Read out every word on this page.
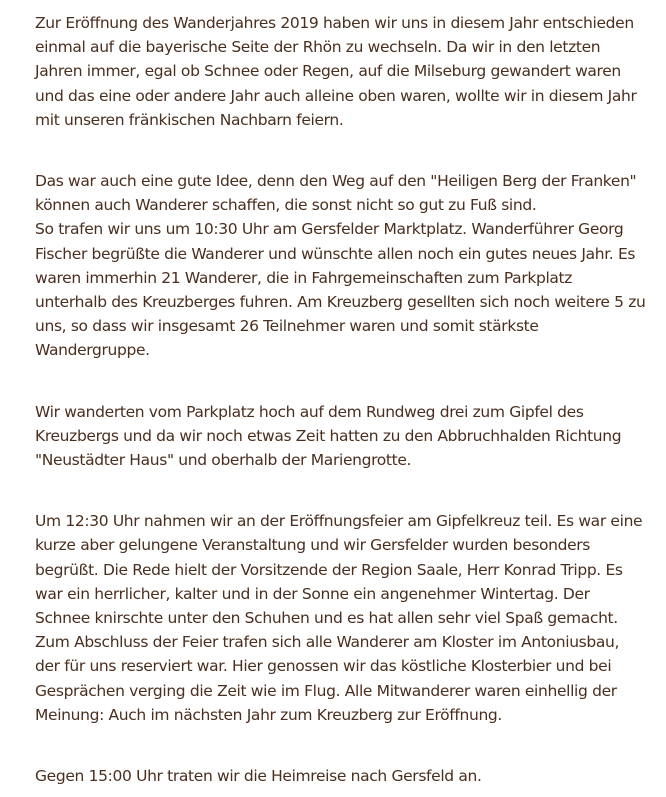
Zur Eröffnung des Wanderjahres 2019 haben wir uns in diesem Jahr entschieden einmal auf die bayerische Seite der Rhön zu wechseln. Da wir in den letzten Jahren immer, egal ob Schnee oder Regen, auf die Milseburg gewandert waren und das eine oder andere Jahr auch alleine oben waren, wollte wir in diesem Jahr mit unseren fränkischen Nachbarn feiern.

Das war auch eine gute Idee, denn den Weg auf den "Heiligen Berg der Franken" können auch Wanderer schaffen, die sonst nicht so gut zu Fuß sind.

So trafen wir uns um 10:30 Uhr am Gersfelder Marktplatz. Wanderführer Georg Fischer begrüßte die Wanderer und wünschte allen noch ein gutes neues Jahr. Es waren immerhin 21 Wanderer, die in Fahrgemeinschaften zum Parkplatz unterhalb des Kreuzberges fuhren. Am Kreuzberg gesellten sich noch weitere 5 zu uns, so dass wir insgesamt 26 Teilnehmer waren und somit stärkste Wandergruppe.

Wir wanderten vom Parkplatz hoch auf dem Rundweg drei zum Gipfel des Kreuzbergs und da wir noch etwas Zeit hatten zu den Abbruchhalden Richtung "Neustädter Haus" und oberhalb der Mariengrotte.

Um 12:30 Uhr nahmen wir an der Eröffnungsfeier am Gipfelkreuz teil. Es war eine kurze aber gelungene Veranstaltung und wir Gersfelder wurden besonders begrüßt. Die Rede hielt der Vorsitzende der Region Saale, Herr Konrad Tripp. Es war ein herrlicher, kalter und in der Sonne ein angenehmer Wintertag. Der Schnee knirschte unter den Schuhen und es hat allen sehr viel Spaß gemacht. Zum Abschluss der Feier trafen sich alle Wanderer am Kloster im Antoniusbau, der für uns reserviert war. Hier genossen wir das köstliche Klosterbier und bei Gesprächen verging die Zeit wie im Flug. Alle Mitwanderer waren einhellig der Meinung: Auch im nächsten Jahr zum Kreuzberg zur Eröffnung.

Gegen 15:00 Uhr traten wir die Heimreise nach Gersfeld an.
